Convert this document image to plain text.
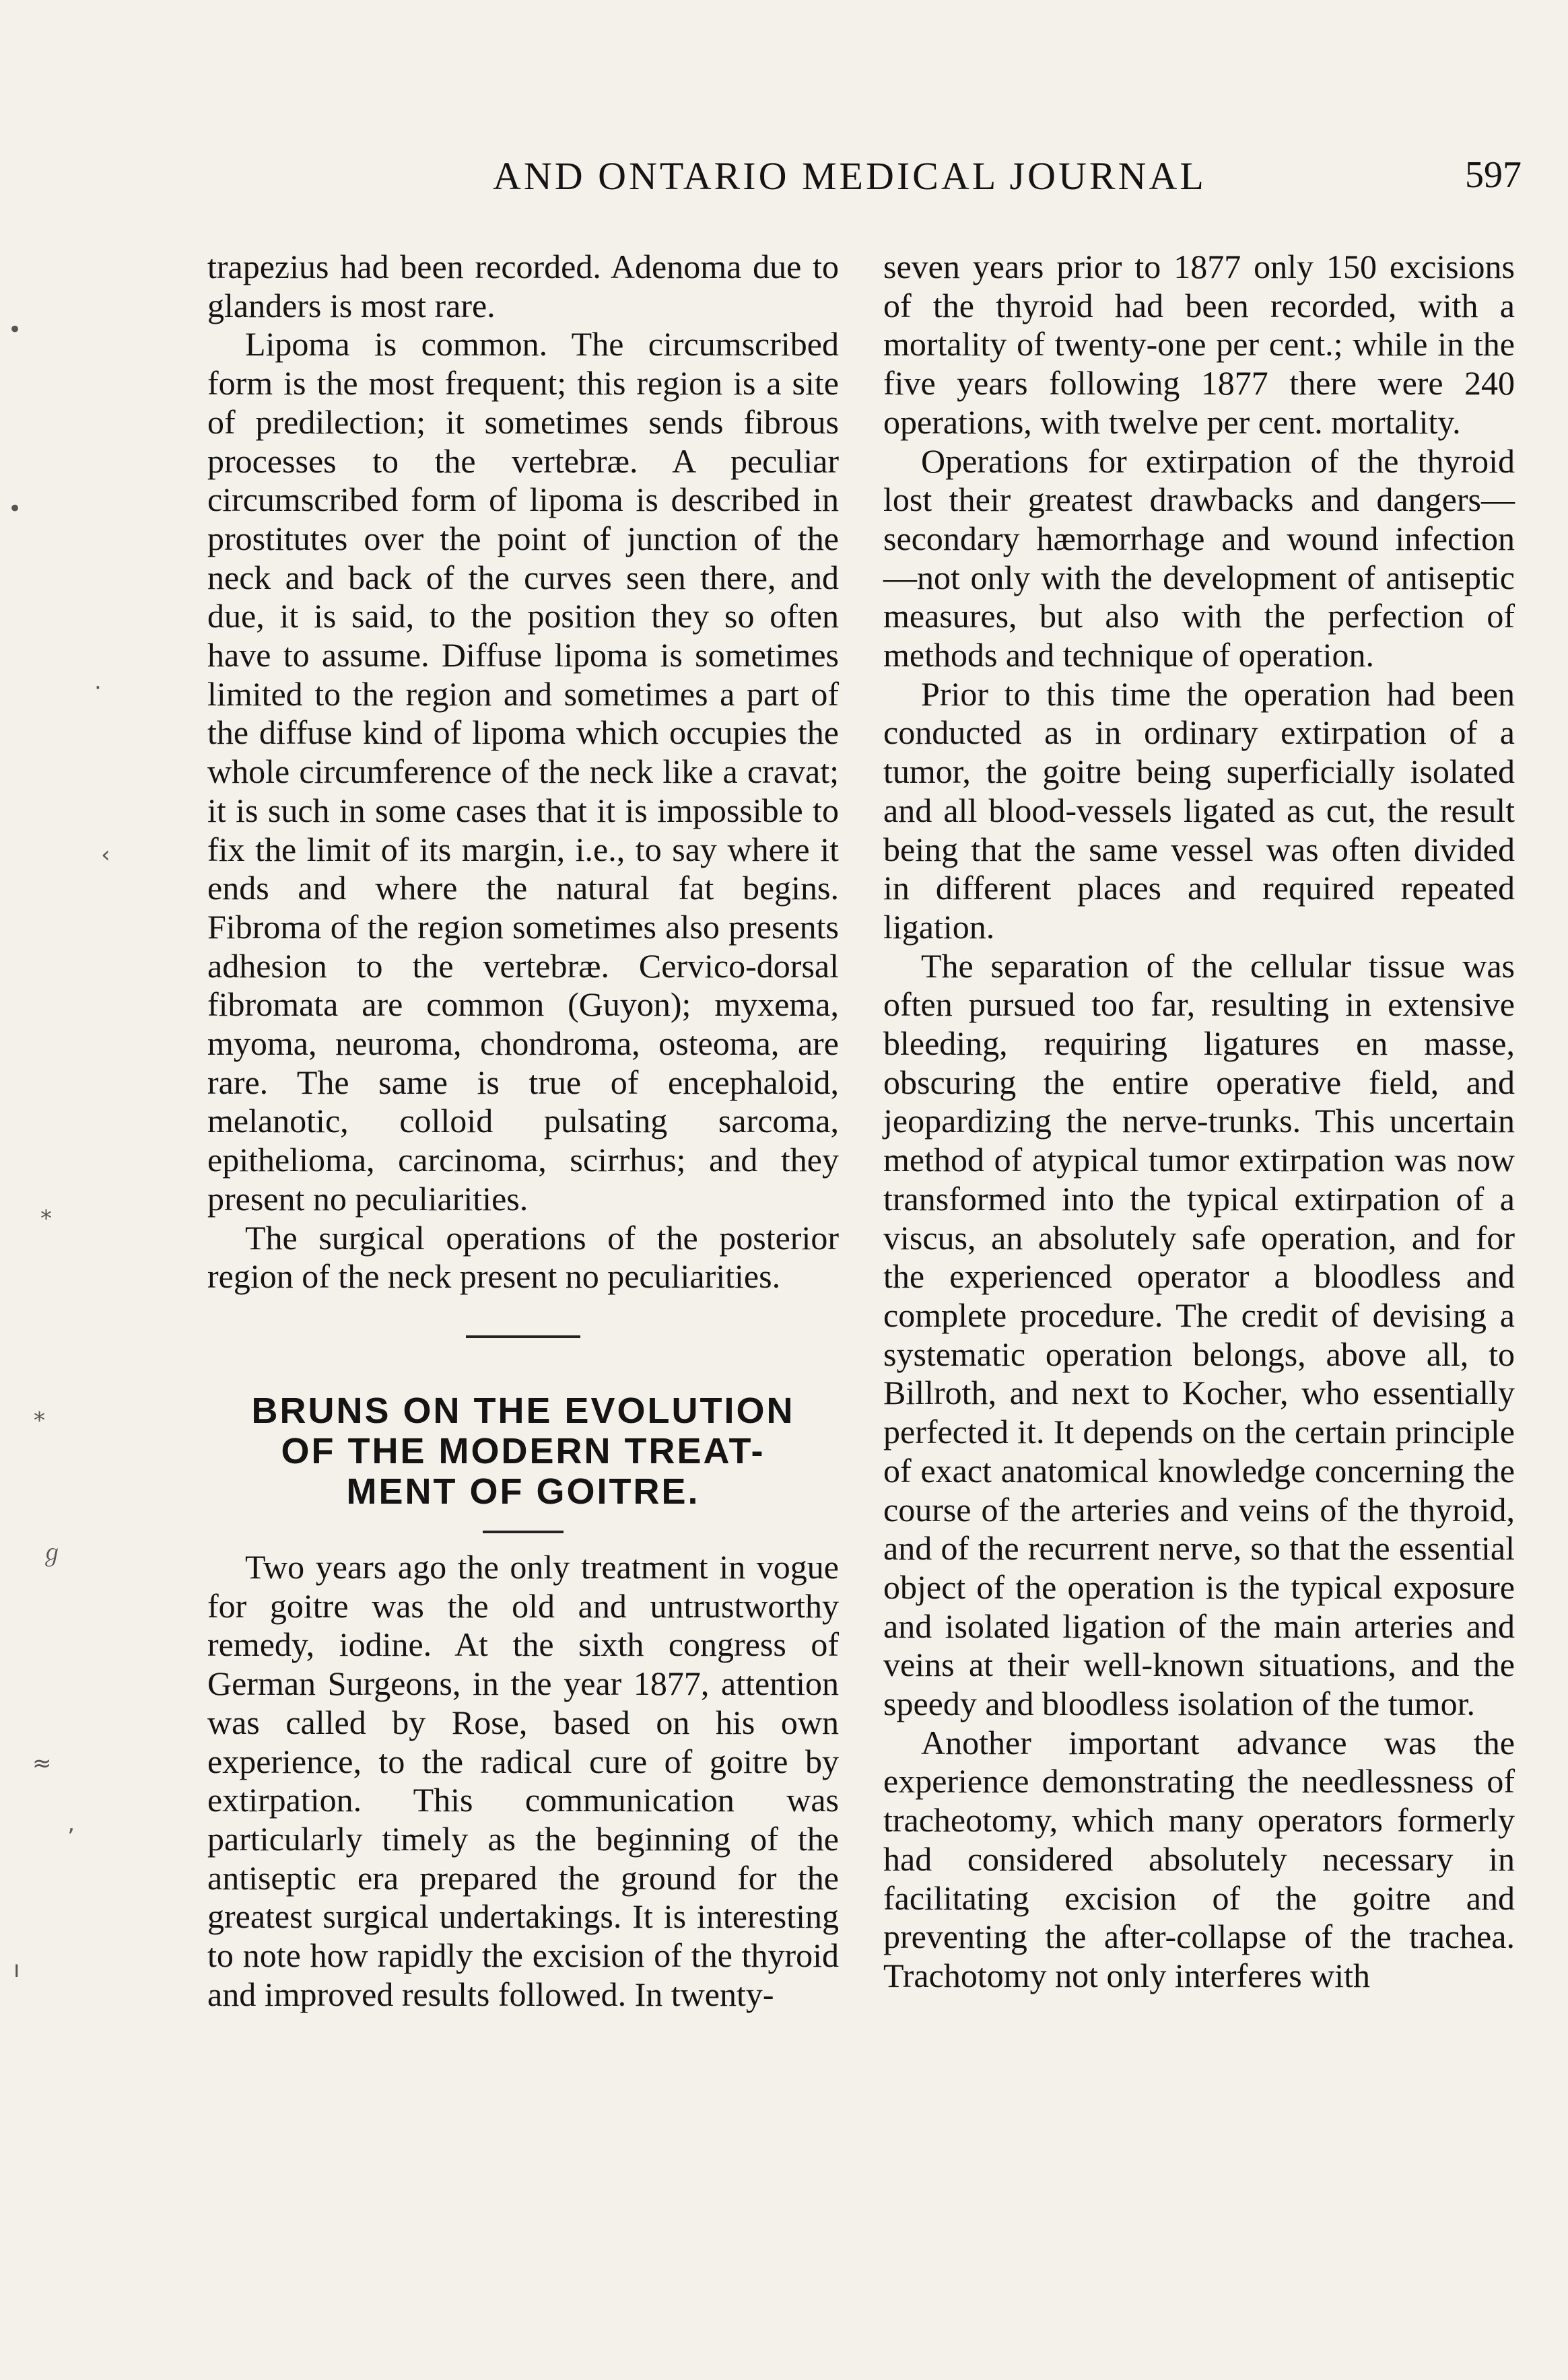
•
•
·
‹
⁎
⁎
ℊ
≈
ʼ
ı
AND ONTARIO MEDICAL JOURNAL	597

trapezius had been recorded. Adenoma due to glanders is most rare.

Lipoma is common. The circumscribed form is the most frequent; this region is a site of predilection; it sometimes sends fibrous processes to the vertebræ. A peculiar circumscribed form of lipoma is described in prostitutes over the point of junction of the neck and back of the curves seen there, and due, it is said, to the position they so often have to assume. Diffuse lipoma is sometimes limited to the region and sometimes a part of the diffuse kind of lipoma which occupies the whole circumference of the neck like a cravat; it is such in some cases that it is impossible to fix the limit of its margin, i.e., to say where it ends and where the natural fat begins. Fibroma of the region sometimes also presents adhesion to the vertebræ. Cervico-dorsal fibromata are common (Guyon); myxema, myoma, neuroma, chondroma, osteoma, are rare. The same is true of encephaloid, melanotic, colloid pulsating sarcoma, epithelioma, carcinoma, scirrhus; and they present no peculiarities.

The surgical operations of the posterior region of the neck present no peculiarities.

BRUNS ON THE EVOLUTION
OF THE MODERN TREAT-
MENT OF GOITRE.

Two years ago the only treatment in vogue for goitre was the old and untrustworthy remedy, iodine. At the sixth congress of German Surgeons, in the year 1877, attention was called by Rose, based on his own experience, to the radical cure of goitre by extirpation. This communication was particularly timely as the beginning of the antiseptic era prepared the ground for the greatest surgical undertakings. It is interesting to note how rapidly the excision of the thyroid and improved results followed. In twenty-

seven years prior to 1877 only 150 excisions of the thyroid had been recorded, with a mortality of twenty-one per cent.; while in the five years following 1877 there were 240 operations, with twelve per cent. mortality.

Operations for extirpation of the thyroid lost their greatest drawbacks and dangers—secondary hæmorrhage and wound infection—not only with the development of antiseptic measures, but also with the perfection of methods and technique of operation.

Prior to this time the operation had been conducted as in ordinary extirpation of a tumor, the goitre being superficially isolated and all blood-vessels ligated as cut, the result being that the same vessel was often divided in different places and required repeated ligation.

The separation of the cellular tissue was often pursued too far, resulting in extensive bleeding, requiring ligatures en masse, obscuring the entire operative field, and jeopardizing the nerve-trunks. This uncertain method of atypical tumor extirpation was now transformed into the typical extirpation of a viscus, an absolutely safe operation, and for the experienced operator a bloodless and complete procedure. The credit of devising a systematic operation belongs, above all, to Billroth, and next to Kocher, who essentially perfected it. It depends on the certain principle of exact anatomical knowledge concerning the course of the arteries and veins of the thyroid, and of the recurrent nerve, so that the essential object of the operation is the typical exposure and isolated ligation of the main arteries and veins at their well-known situations, and the speedy and bloodless isolation of the tumor.

Another important advance was the experience demonstrating the needlessness of tracheotomy, which many operators formerly had considered absolutely necessary in facilitating excision of the goitre and preventing the after-collapse of the trachea. Trachotomy not only interferes with
